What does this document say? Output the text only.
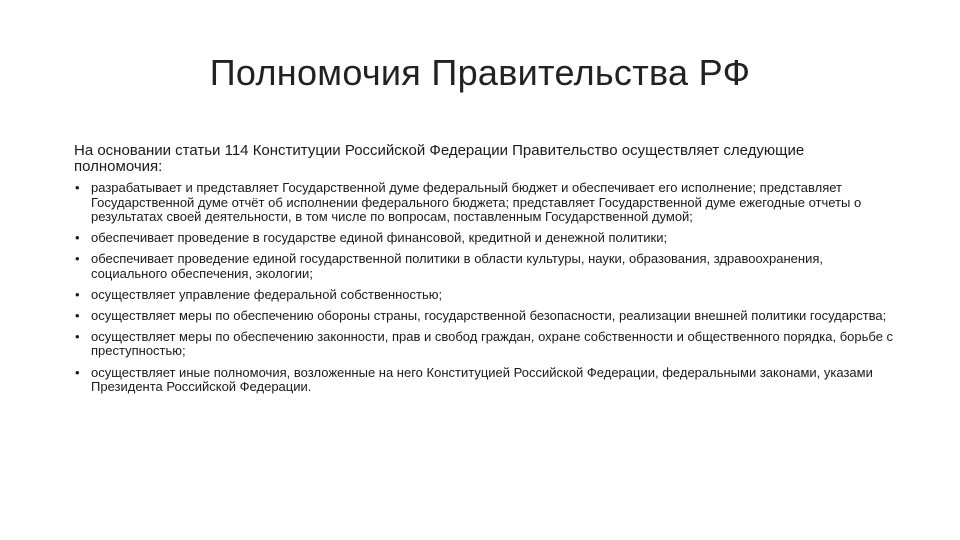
Полномочия Правительства РФ

На основании статьи 114 Конституции Российской Федерации Правительство осуществляет следующие полномочия:

• разрабатывает и представляет Государственной думе федеральный бюджет и обеспечивает его исполнение; представляет Государственной думе отчёт об исполнении федерального бюджета; представляет Государственной думе ежегодные отчеты о результатах своей деятельности, в том числе по вопросам, поставленным Государственной думой;
• обеспечивает проведение в государстве единой финансовой, кредитной и денежной политики;
• обеспечивает проведение единой государственной политики в области культуры, науки, образования, здравоохранения, социального обеспечения, экологии;
• осуществляет управление федеральной собственностью;
• осуществляет меры по обеспечению обороны страны, государственной безопасности, реализации внешней политики государства;
• осуществляет меры по обеспечению законности, прав и свобод граждан, охране собственности и общественного порядка, борьбе с преступностью;
• осуществляет иные полномочия, возложенные на него Конституцией Российской Федерации, федеральными законами, указами Президента Российской Федерации.
